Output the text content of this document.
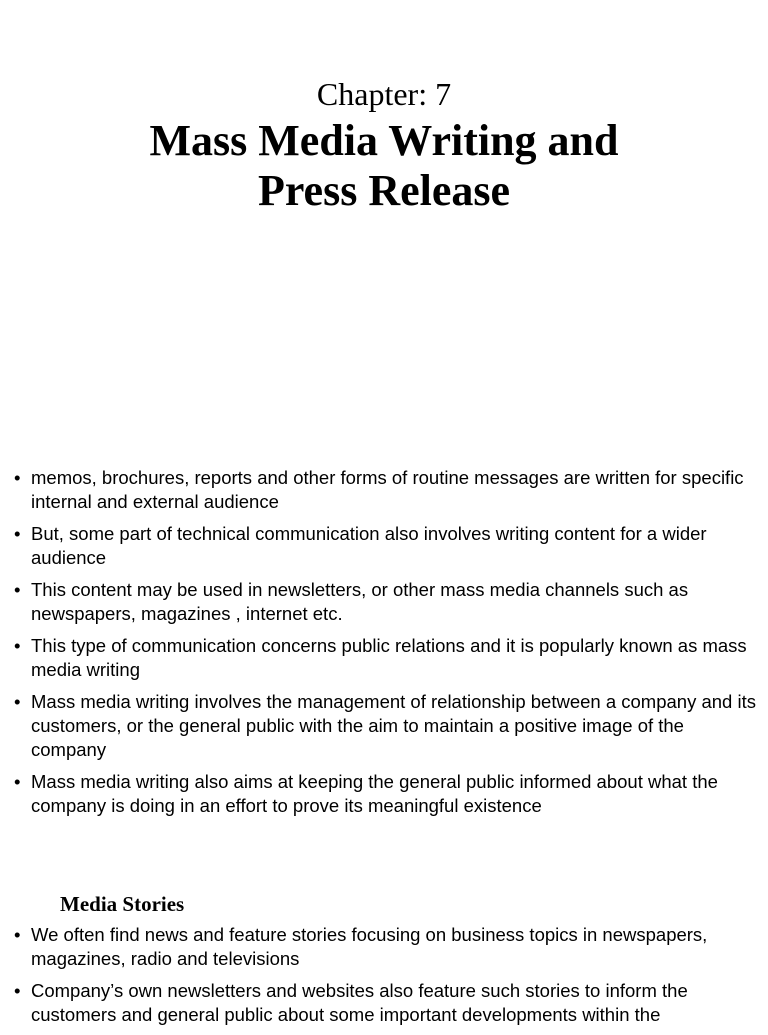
Chapter: 7

Mass Media Writing and
Press Release
• memos, brochures, reports and other forms of routine messages are written for specific internal and external audience
• But, some part of technical communication also involves writing content for a wider audience
• This content may be used in newsletters, or other mass media channels such as newspapers, magazines , internet etc.
• This type of communication concerns public relations and it is popularly known as mass media writing
• Mass media writing involves the management of relationship between a company and its customers, or the general public with the aim to maintain a positive image of the company
• Mass media writing also aims at keeping the general public informed about what the company is doing in an effort to prove its meaningful existence
Media Stories
• We often find news and feature stories focusing on business topics in newspapers, magazines, radio and televisions
• Company’s own newsletters and websites also feature such stories to inform the customers and general public about some important developments within the
